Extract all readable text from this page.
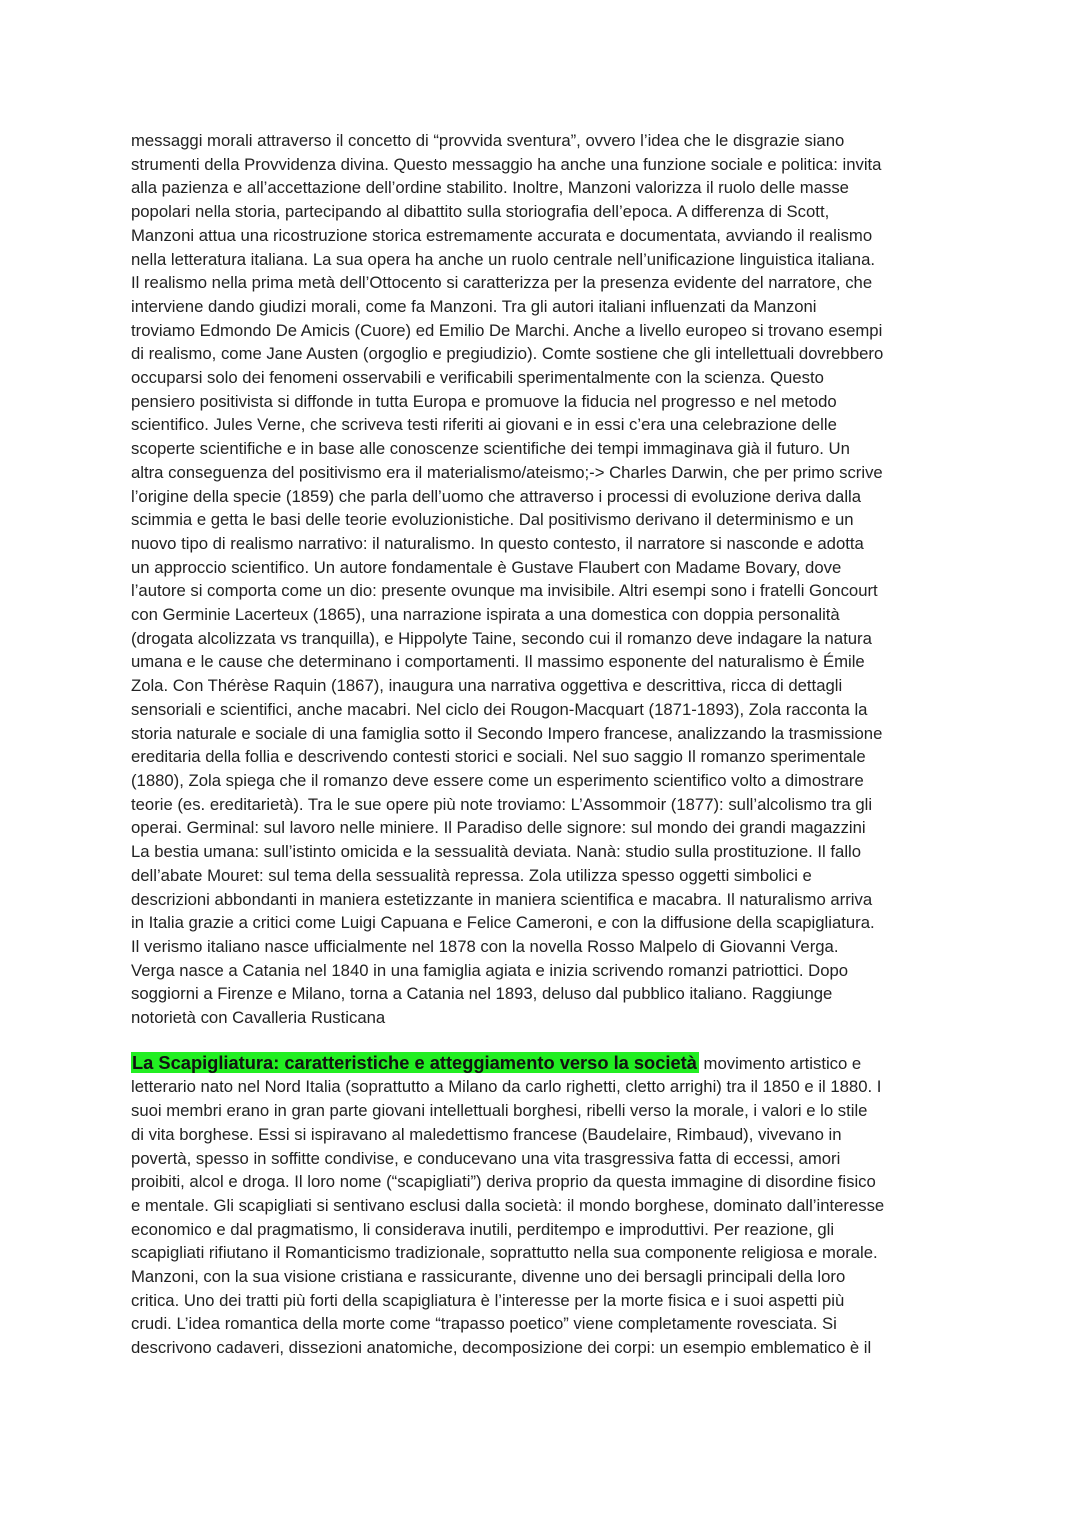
messaggi morali attraverso il concetto di “provvida sventura”, ovvero l’idea che le disgrazie siano
strumenti della Provvidenza divina. Questo messaggio ha anche una funzione sociale e politica: invita
alla pazienza e all’accettazione dell’ordine stabilito. Inoltre, Manzoni valorizza il ruolo delle masse
popolari nella storia, partecipando al dibattito sulla storiografia dell’epoca. A differenza di Scott,
Manzoni attua una ricostruzione storica estremamente accurata e documentata, avviando il realismo
nella letteratura italiana. La sua opera ha anche un ruolo centrale nell’unificazione linguistica italiana.
Il realismo nella prima metà dell’Ottocento si caratterizza per la presenza evidente del narratore, che
interviene dando giudizi morali, come fa Manzoni. Tra gli autori italiani influenzati da Manzoni
troviamo Edmondo De Amicis (Cuore) ed Emilio De Marchi. Anche a livello europeo si trovano esempi
di realismo, come Jane Austen (orgoglio e pregiudizio). Comte sostiene che gli intellettuali dovrebbero
occuparsi solo dei fenomeni osservabili e verificabili sperimentalmente con la scienza. Questo
pensiero positivista si diffonde in tutta Europa e promuove la fiducia nel progresso e nel metodo
scientifico. Jules Verne, che scriveva testi riferiti ai giovani e in essi c’era una celebrazione delle
scoperte scientifiche e in base alle conoscenze scientifiche dei tempi immaginava già il futuro. Un
altra conseguenza del positivismo era il materialismo/ateismo;-> Charles Darwin, che per primo scrive
l’origine della specie (1859) che parla dell’uomo che attraverso i processi di evoluzione deriva dalla
scimmia e getta le basi delle teorie evoluzionistiche. Dal positivismo derivano il determinismo e un
nuovo tipo di realismo narrativo: il naturalismo. In questo contesto, il narratore si nasconde e adotta
un approccio scientifico. Un autore fondamentale è Gustave Flaubert con Madame Bovary, dove
l’autore si comporta come un dio: presente ovunque ma invisibile. Altri esempi sono i fratelli Goncourt
con Germinie Lacerteux (1865), una narrazione ispirata a una domestica con doppia personalità
(drogata alcolizzata vs tranquilla), e Hippolyte Taine, secondo cui il romanzo deve indagare la natura
umana e le cause che determinano i comportamenti. Il massimo esponente del naturalismo è Émile
Zola. Con Thérèse Raquin (1867), inaugura una narrativa oggettiva e descrittiva, ricca di dettagli
sensoriali e scientifici, anche macabri. Nel ciclo dei Rougon-Macquart (1871-1893), Zola racconta la
storia naturale e sociale di una famiglia sotto il Secondo Impero francese, analizzando la trasmissione
ereditaria della follia e descrivendo contesti storici e sociali. Nel suo saggio Il romanzo sperimentale
(1880), Zola spiega che il romanzo deve essere come un esperimento scientifico volto a dimostrare
teorie (es. ereditarietà). Tra le sue opere più note troviamo: L’Assommoir (1877): sull’alcolismo tra gli
operai. Germinal: sul lavoro nelle miniere. Il Paradiso delle signore: sul mondo dei grandi magazzini
La bestia umana: sull’istinto omicida e la sessualità deviata. Nanà: studio sulla prostituzione. Il fallo
dell’abate Mouret: sul tema della sessualità repressa. Zola utilizza spesso oggetti simbolici e
descrizioni abbondanti in maniera estetizzante in maniera scientifica e macabra. Il naturalismo arriva
in Italia grazie a critici come Luigi Capuana e Felice Cameroni, e con la diffusione della scapigliatura.
Il verismo italiano nasce ufficialmente nel 1878 con la novella Rosso Malpelo di Giovanni Verga.
Verga nasce a Catania nel 1840 in una famiglia agiata e inizia scrivendo romanzi patriottici. Dopo
soggiorni a Firenze e Milano, torna a Catania nel 1893, deluso dal pubblico italiano. Raggiunge
notorietà con Cavalleria Rusticana
La Scapigliatura: caratteristiche e atteggiamento verso la società movimento artistico e
letterario nato nel Nord Italia (soprattutto a Milano da carlo righetti, cletto arrighi) tra il 1850 e il 1880. I
suoi membri erano in gran parte giovani intellettuali borghesi, ribelli verso la morale, i valori e lo stile
di vita borghese. Essi si ispiravano al maledettismo francese (Baudelaire, Rimbaud), vivevano in
povertà, spesso in soffitte condivise, e conducevano una vita trasgressiva fatta di eccessi, amori
proibiti, alcol e droga. Il loro nome (“scapigliati”) deriva proprio da questa immagine di disordine fisico
e mentale. Gli scapigliati si sentivano esclusi dalla società: il mondo borghese, dominato dall’interesse
economico e dal pragmatismo, li considerava inutili, perditempo e improduttivi. Per reazione, gli
scapigliati rifiutano il Romanticismo tradizionale, soprattutto nella sua componente religiosa e morale.
Manzoni, con la sua visione cristiana e rassicurante, divenne uno dei bersagli principali della loro
critica. Uno dei tratti più forti della scapigliatura è l’interesse per la morte fisica e i suoi aspetti più
crudi. L’idea romantica della morte come “trapasso poetico” viene completamente rovesciata. Si
descrivono cadaveri, dissezioni anatomiche, decomposizione dei corpi: un esempio emblematico è il
